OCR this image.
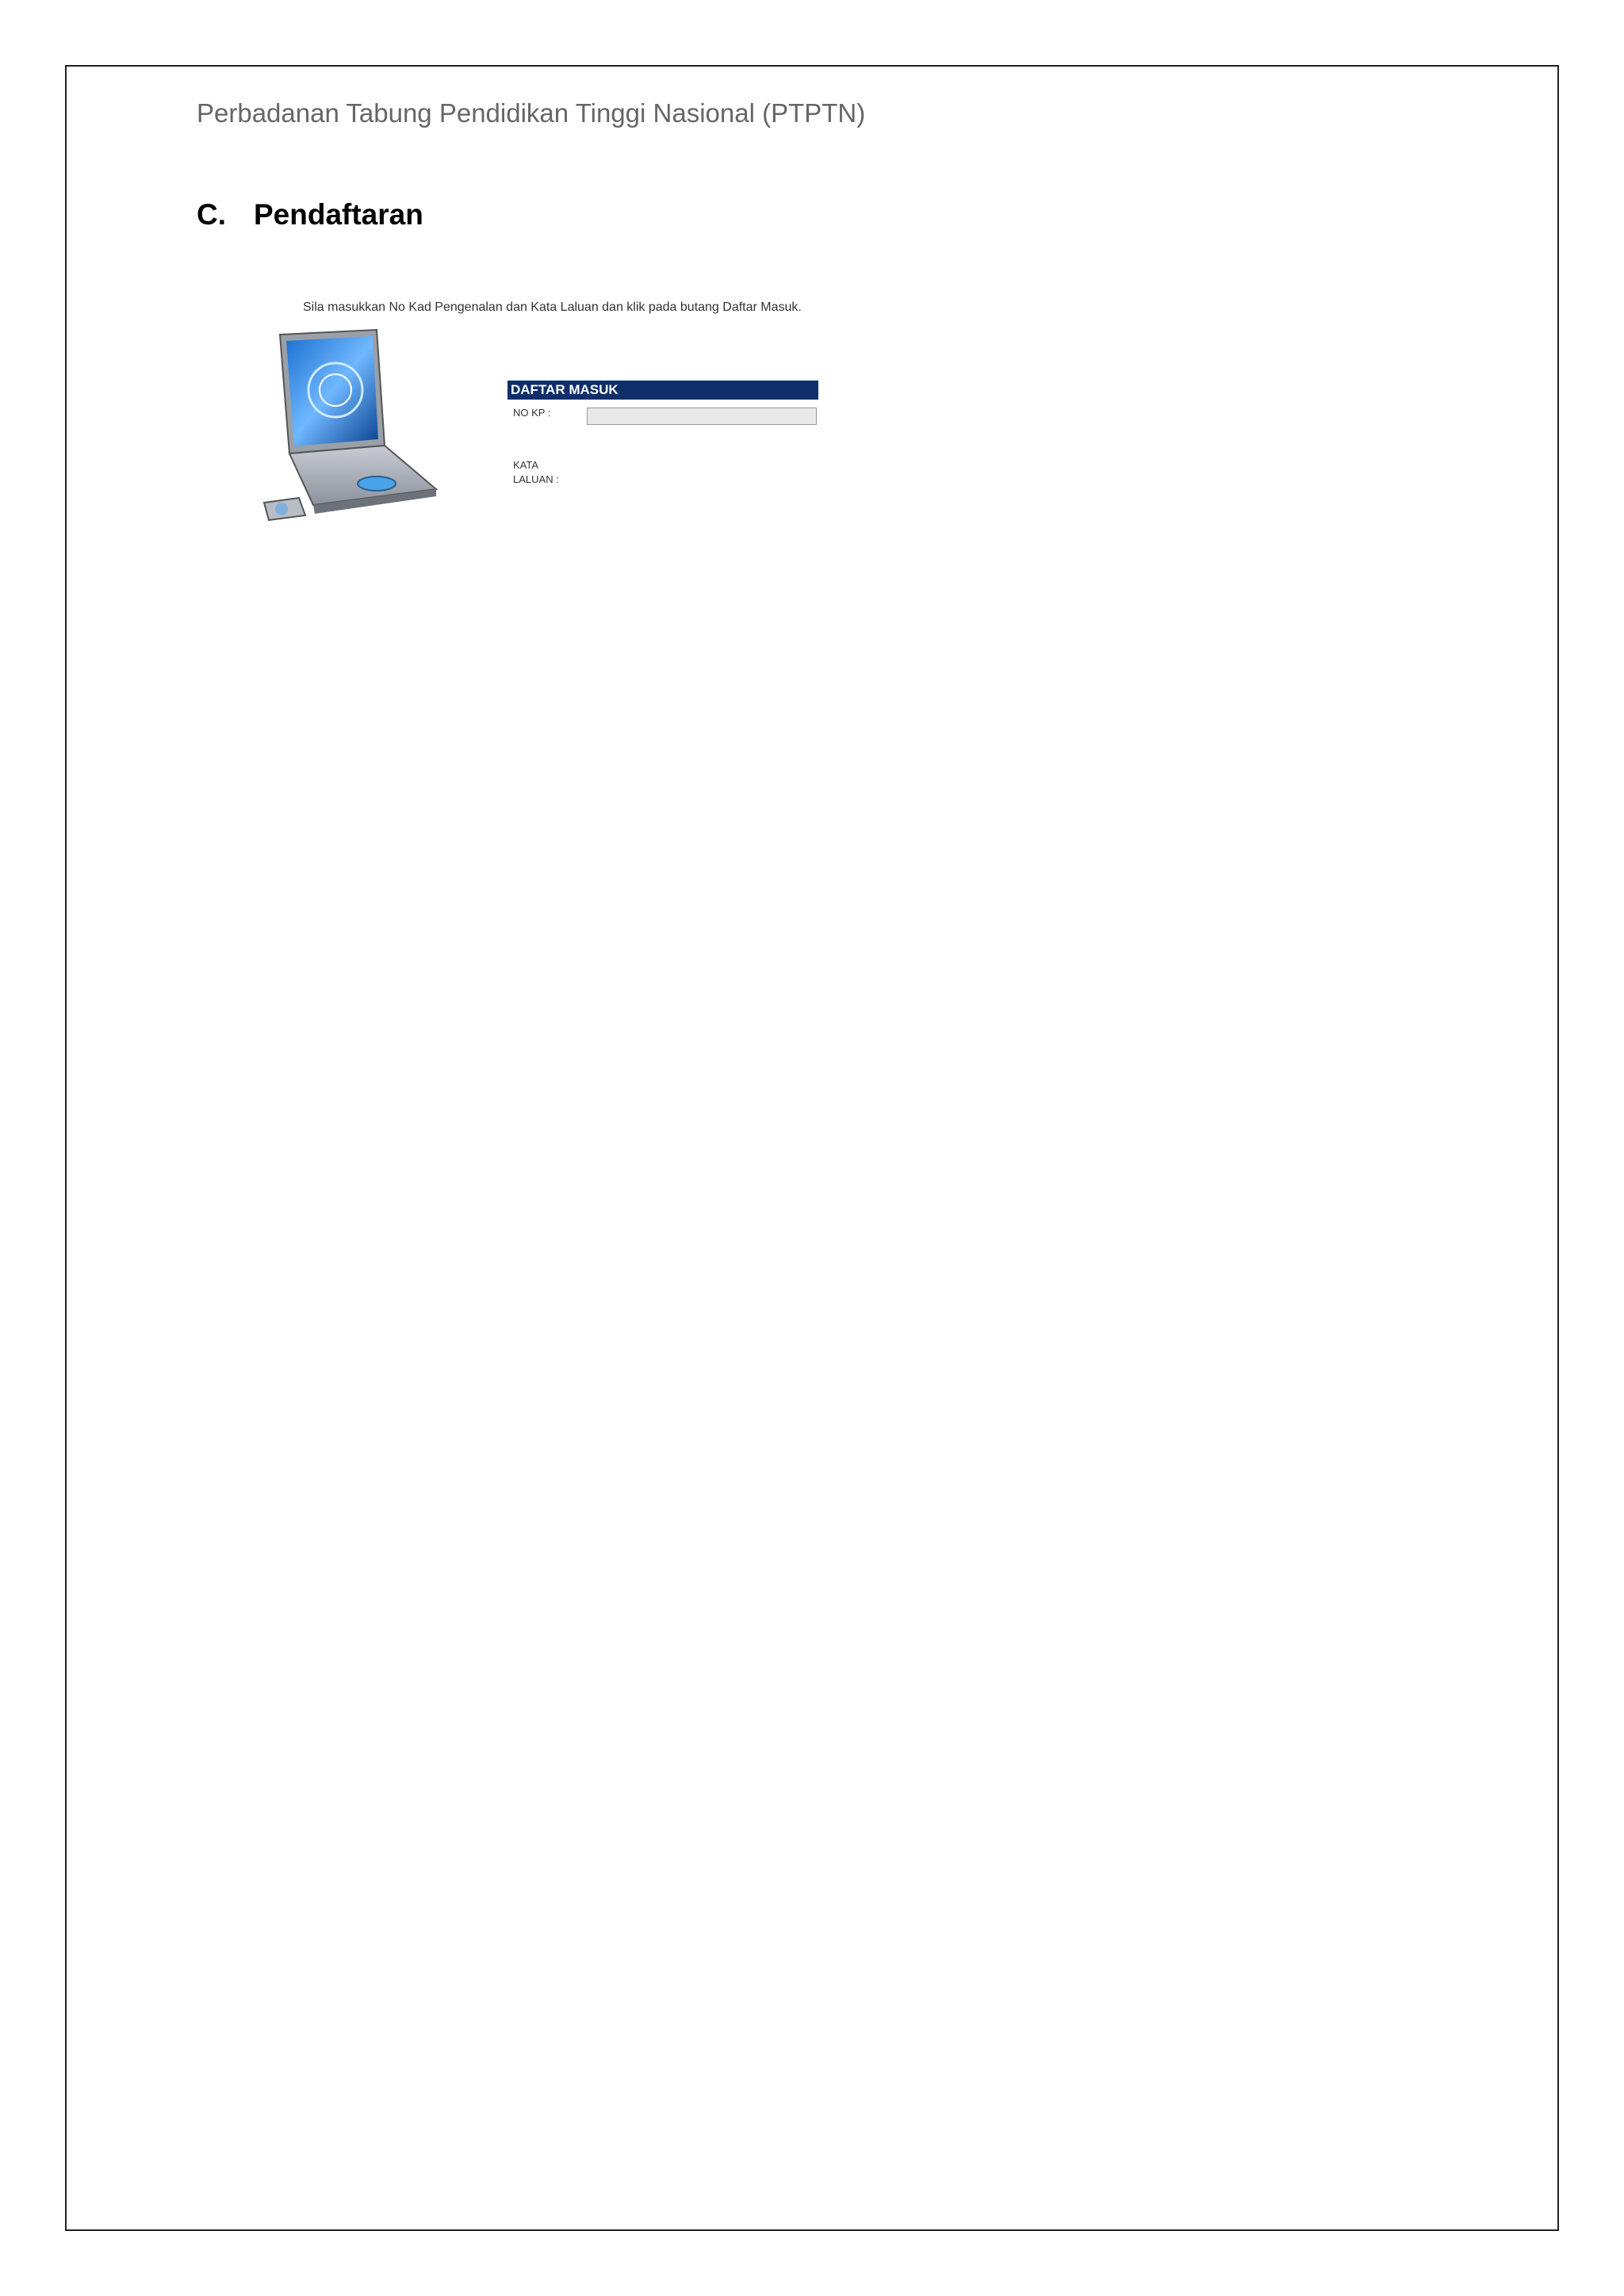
Perbadanan Tabung Pendidikan Tinggi Nasional (PTPTN)
C. Pendaftaran
Sila masukkan No Kad Pengenalan dan Kata Laluan dan klik pada butang Daftar Masuk.
DAFTAR MASUK
NO KP :
KATA
LALUAN :
